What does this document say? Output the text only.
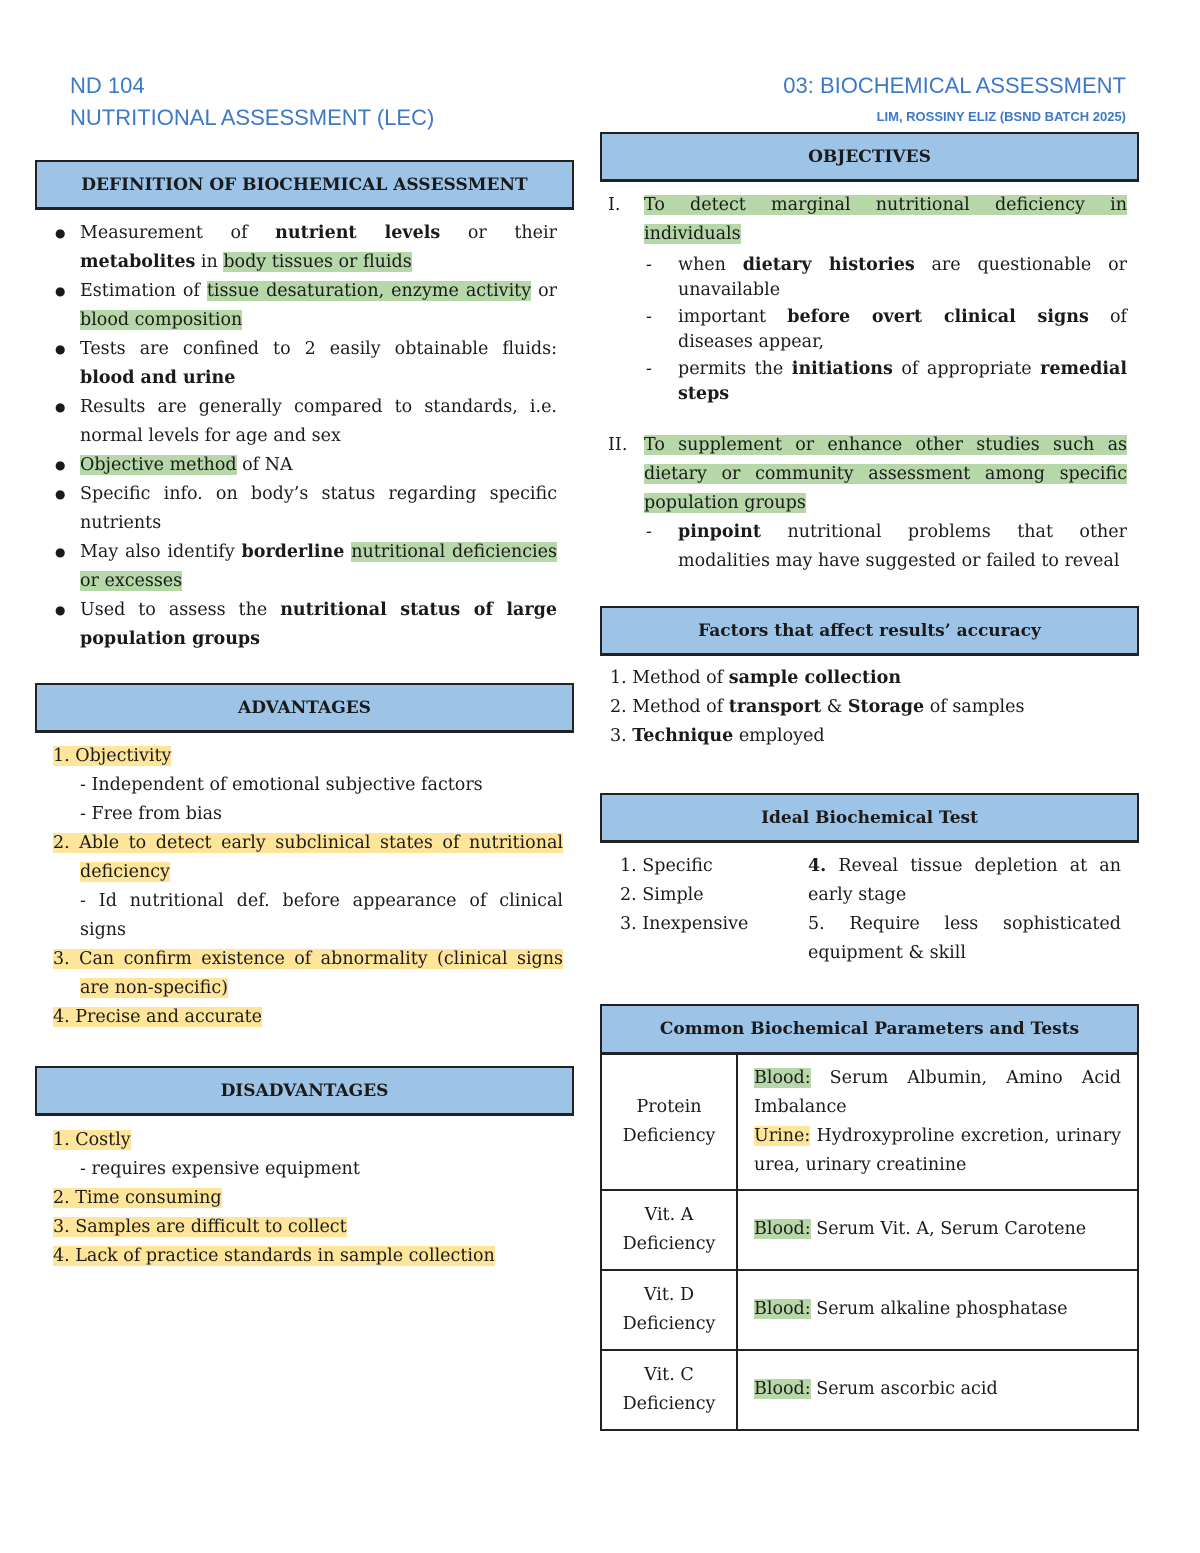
ND 104
NUTRITIONAL ASSESSMENT (LEC)
03: BIOCHEMICAL ASSESSMENT
LIM, ROSSINY ELIZ (BSND BATCH 2025)
DEFINITION OF BIOCHEMICAL ASSESSMENT
● Measurement of nutrient levels or their metabolites in body tissues or fluids
● Estimation of tissue desaturation, enzyme activity or blood composition
● Tests are confined to 2 easily obtainable fluids: blood and urine
● Results are generally compared to standards, i.e. normal levels for age and sex
● Objective method of NA
● Specific info. on body’s status regarding specific nutrients
● May also identify borderline nutritional deficiencies or excesses
● Used to assess the nutritional status of large population groups
ADVANTAGES
1. Objectivity
- Independent of emotional subjective factors
- Free from bias
2. Able to detect early subclinical states of nutritional deficiency
- Id nutritional def. before appearance of clinical signs
3. Can confirm existence of abnormality (clinical signs are non-specific)
4. Precise and accurate
DISADVANTAGES
1. Costly
- requires expensive equipment
2. Time consuming
3. Samples are difficult to collect
4. Lack of practice standards in sample collection
OBJECTIVES
I. To detect marginal nutritional deficiency in individuals
- when dietary histories are questionable or unavailable
- important before overt clinical signs of diseases appear,
- permits the initiations of appropriate remedial steps
II. To supplement or enhance other studies such as dietary or community assessment among specific population groups
- pinpoint nutritional problems that other modalities may have suggested or failed to reveal
Factors that affect results’ accuracy
1. Method of sample collection
2. Method of transport & Storage of samples
3. Technique employed
Ideal Biochemical Test
1. Specific
2. Simple
3. Inexpensive
4. Reveal tissue depletion at an early stage
5. Require less sophisticated equipment & skill
Common Biochemical Parameters and Tests	
Protein Deficiency	Blood: Serum Albumin, Amino Acid Imbalance
Urine: Hydroxyproline excretion, urinary urea, urinary creatinine
Vit. A Deficiency	Blood: Serum Vit. A, Serum Carotene
Vit. D Deficiency	Blood: Serum alkaline phosphatase
Vit. C Deficiency	Blood: Serum ascorbic acid
